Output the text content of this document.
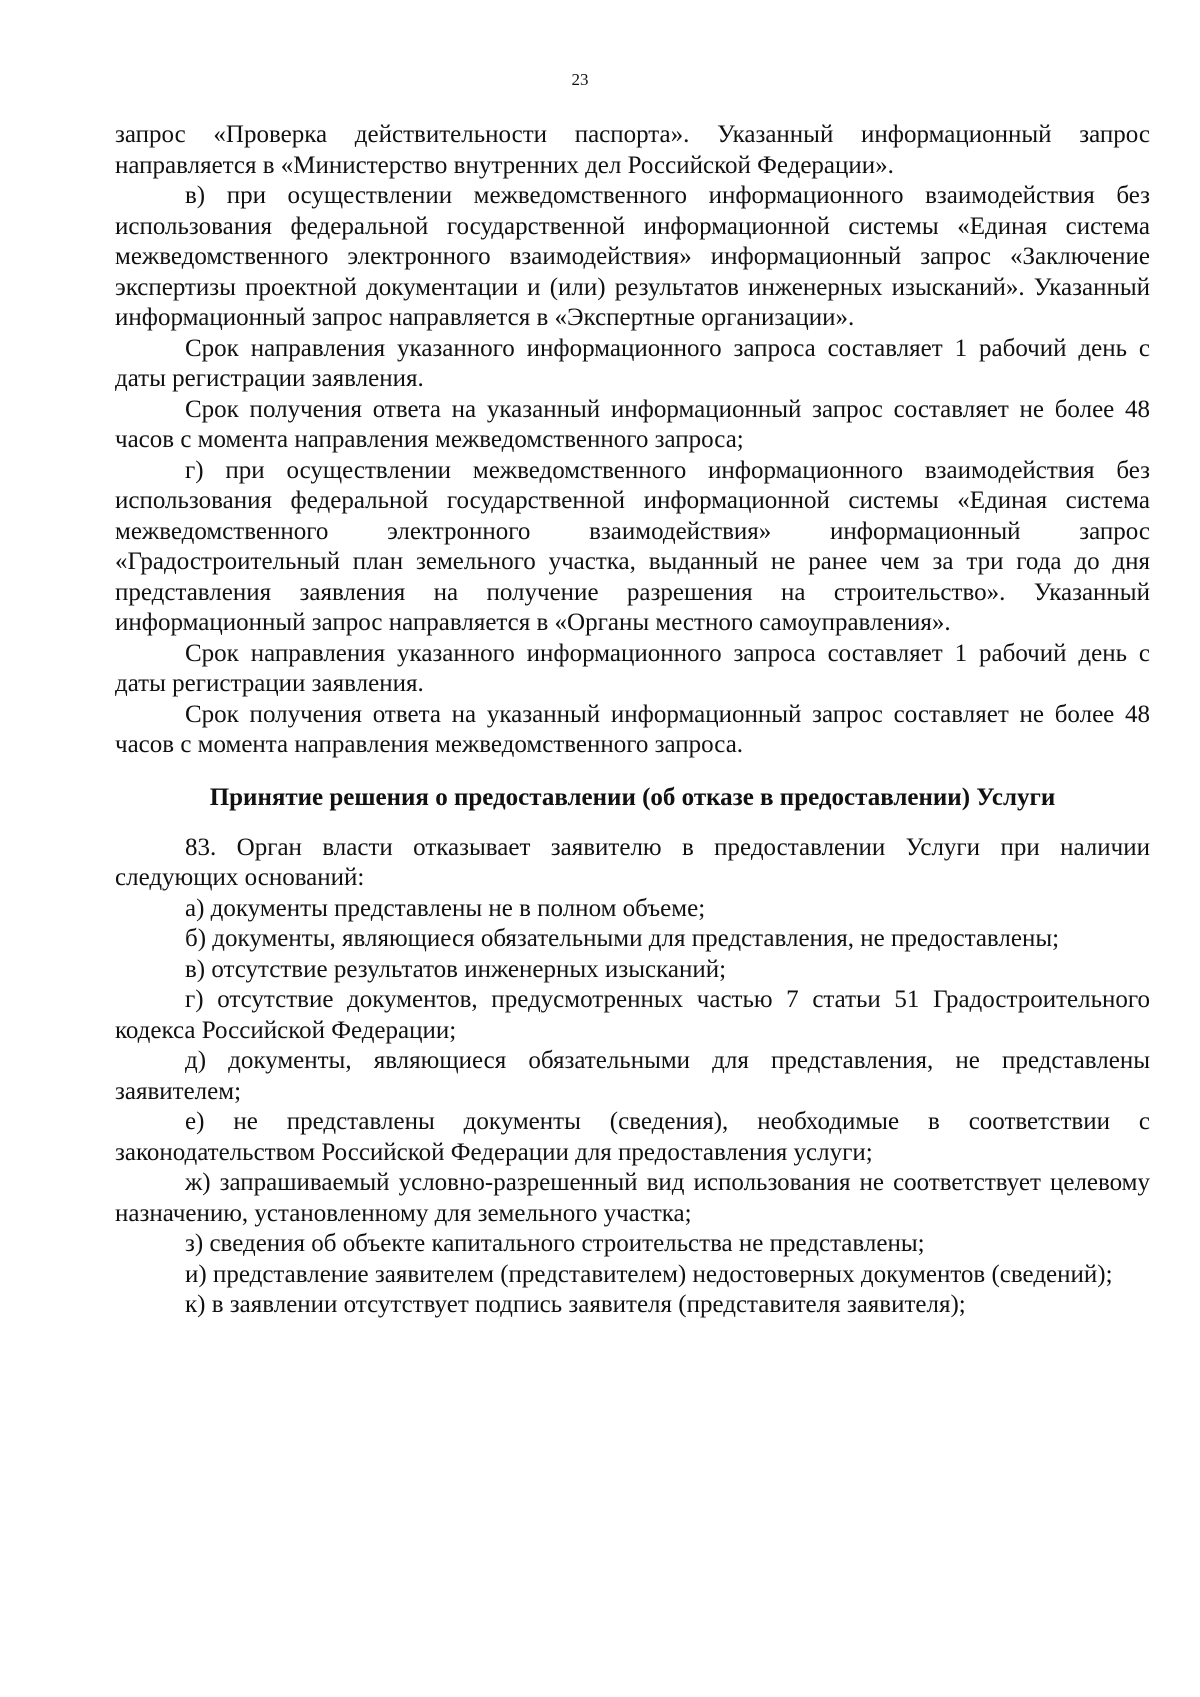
23

запрос «Проверка действительности паспорта». Указанный информационный запрос направляется в «Министерство внутренних дел Российской Федерации».

в) при осуществлении межведомственного информационного взаимодействия без использования федеральной государственной информационной системы «Единая система межведомственного электронного взаимодействия» информационный запрос «Заключение экспертизы проектной документации и (или) результатов инженерных изысканий». Указанный информационный запрос направляется в «Экспертные организации».

Срок направления указанного информационного запроса составляет 1 рабочий день с даты регистрации заявления.

Срок получения ответа на указанный информационный запрос составляет не более 48 часов с момента направления межведомственного запроса;

г) при осуществлении межведомственного информационного взаимодействия без использования федеральной государственной информационной системы «Единая система межведомственного электронного взаимодействия» информационный запрос «Градостроительный план земельного участка, выданный не ранее чем за три года до дня представления заявления на получение разрешения на строительство». Указанный информационный запрос направляется в «Органы местного самоуправления».

Срок направления указанного информационного запроса составляет 1 рабочий день с даты регистрации заявления.

Срок получения ответа на указанный информационный запрос составляет не более 48 часов с момента направления межведомственного запроса.

Принятие решения о предоставлении (об отказе в предоставлении) Услуги

83. Орган власти отказывает заявителю в предоставлении Услуги при наличии следующих оснований:

а) документы представлены не в полном объеме;

б) документы, являющиеся обязательными для представления, не предоставлены;

в) отсутствие результатов инженерных изысканий;

г) отсутствие документов, предусмотренных частью 7 статьи 51 Градостроительного кодекса Российской Федерации;

д) документы, являющиеся обязательными для представления, не представлены заявителем;

е) не представлены документы (сведения), необходимые в соответствии с законодательством Российской Федерации для предоставления услуги;

ж) запрашиваемый условно-разрешенный вид использования не соответствует целевому назначению, установленному для земельного участка;

з) сведения об объекте капитального строительства не представлены;

и) представление заявителем (представителем) недостоверных документов (сведений);

к) в заявлении отсутствует подпись заявителя (представителя заявителя);
